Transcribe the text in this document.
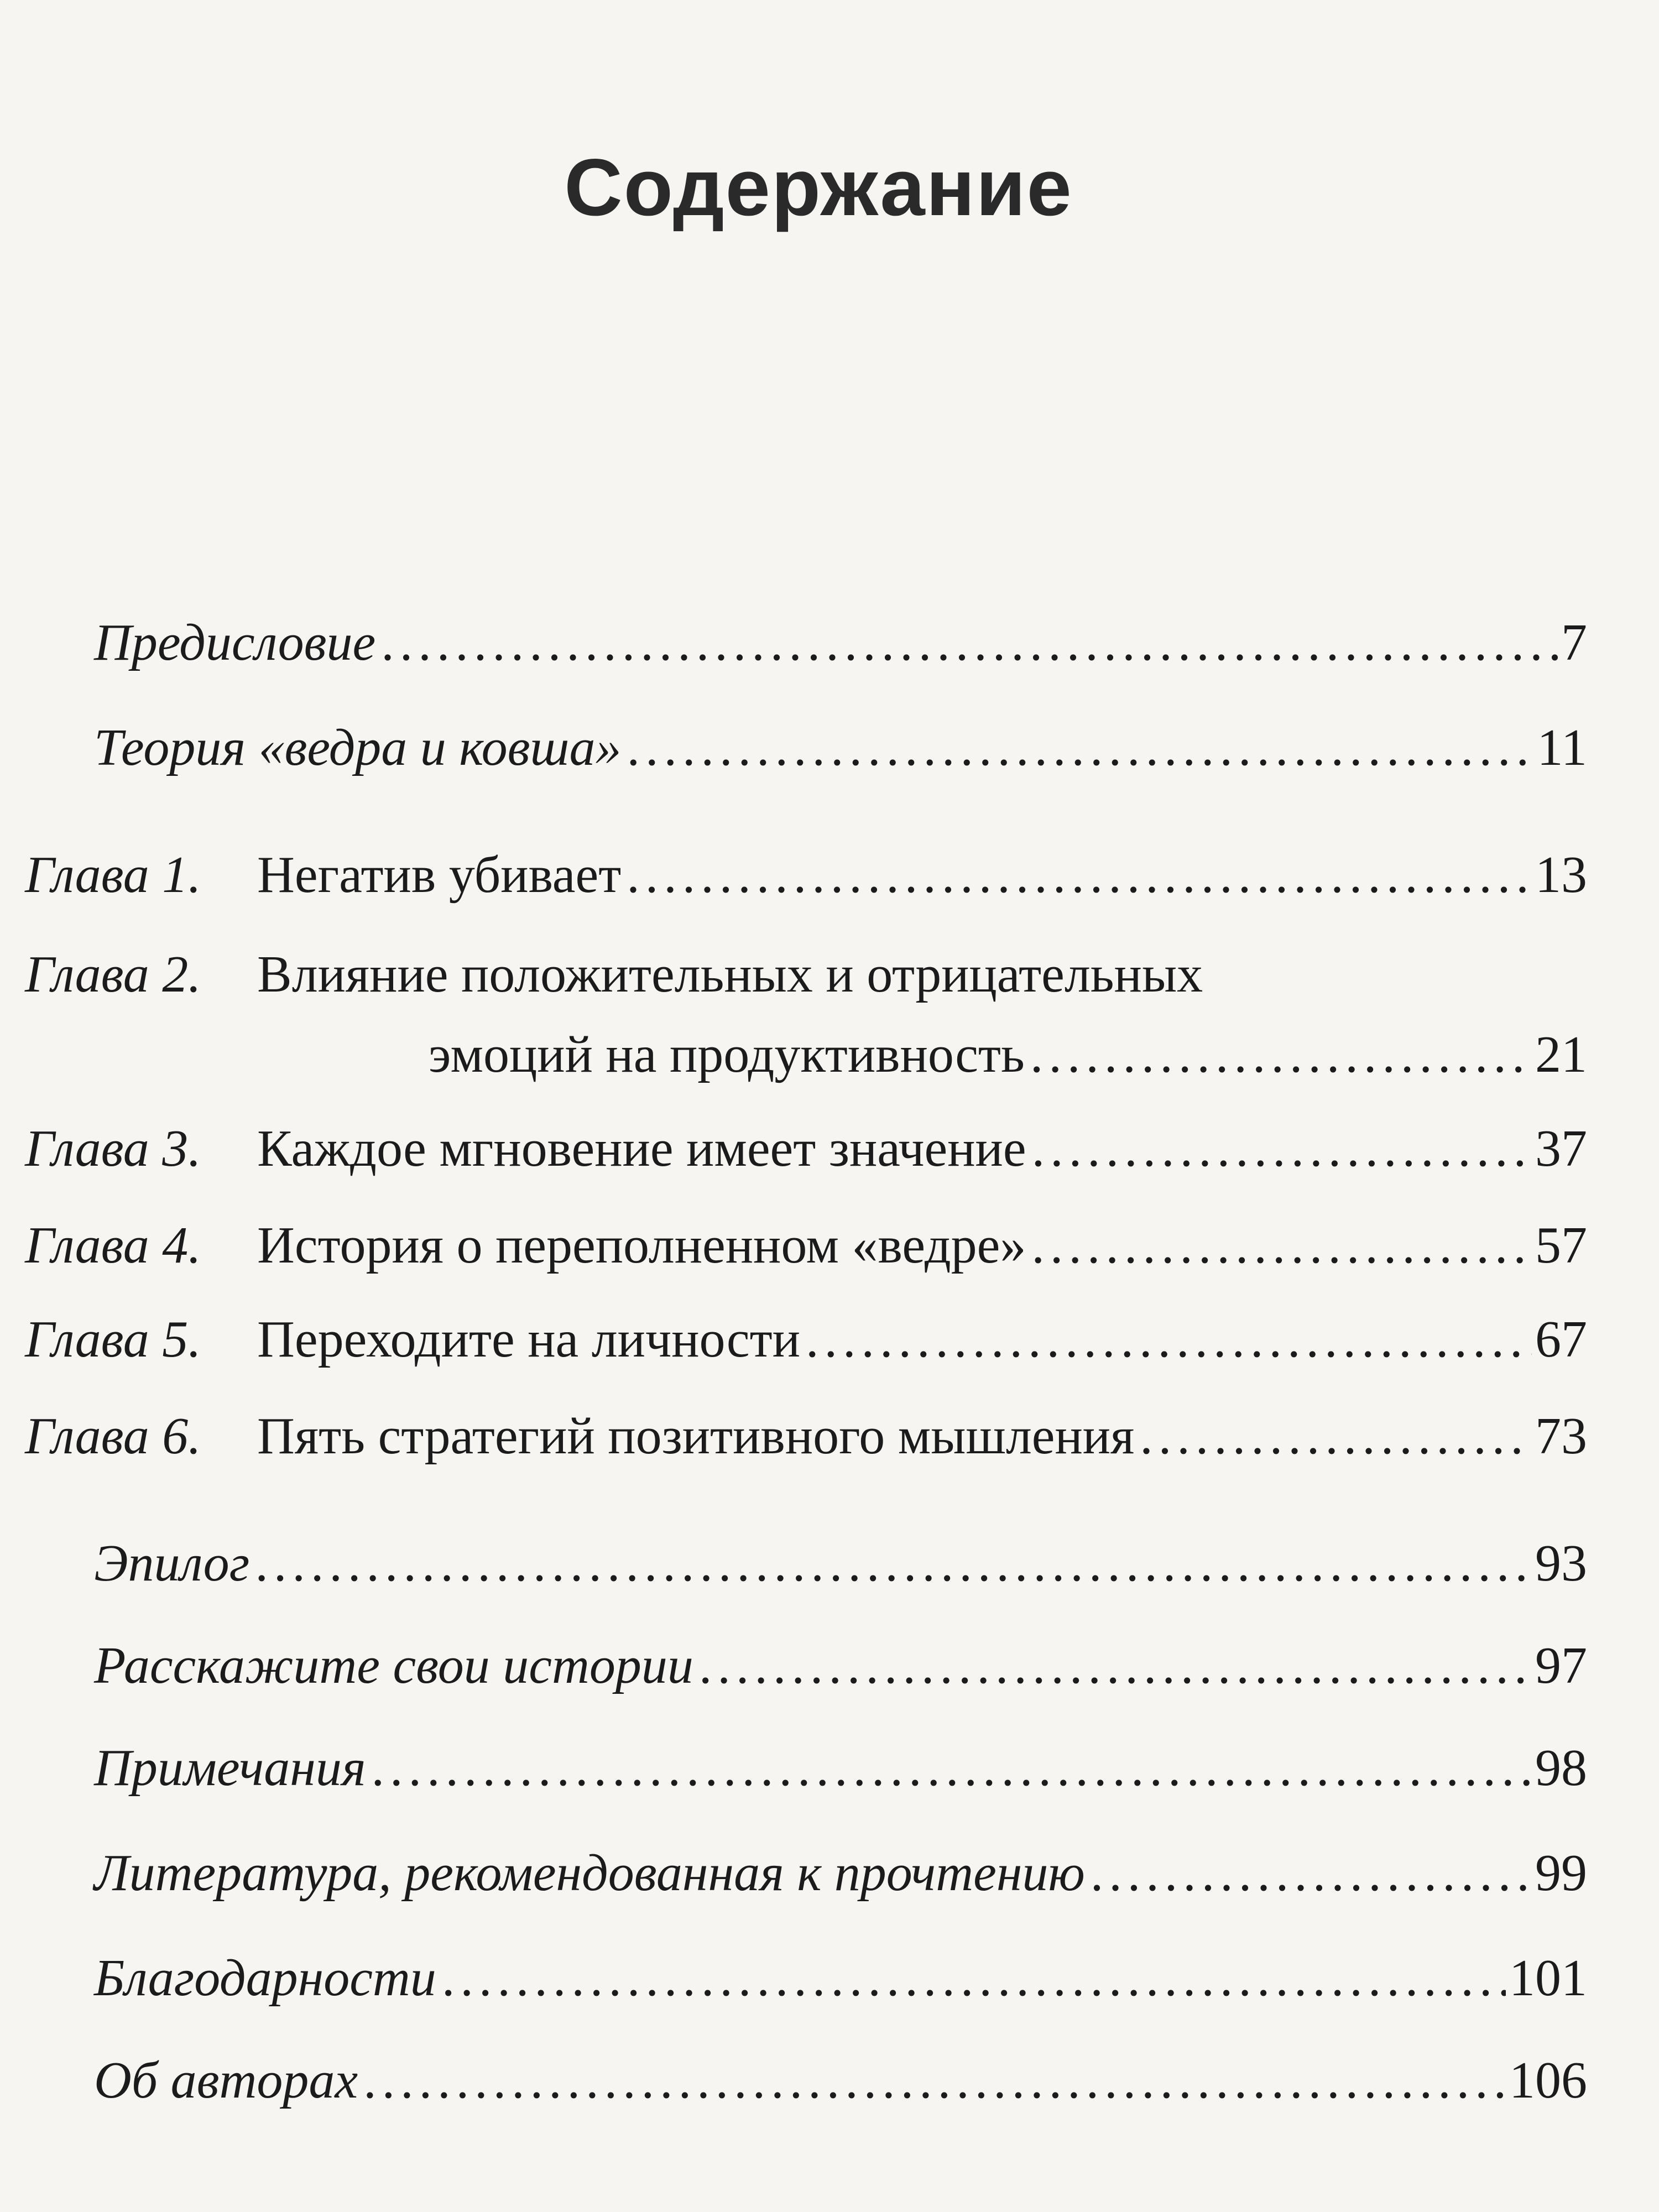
Содержание
Предисловие .....	7
Теория «ведра и ковша» .....	11
Глава 1. Негатив убивает .....	13
Глава 2. Влияние положительных и отрицательных
эмоций на продуктивность .....	21
Глава 3. Каждое мгновение имеет значение .....	37
Глава 4. История о переполненном «ведре» .....	57
Глава 5. Переходите на личности .....	67
Глава 6. Пять стратегий позитивного мышления .....	73
Эпилог .....	93
Расскажите свои истории .....	97
Примечания .....	98
Литература, рекомендованная к прочтению .....	99
Благодарности .....	101
Об авторах .....	106
